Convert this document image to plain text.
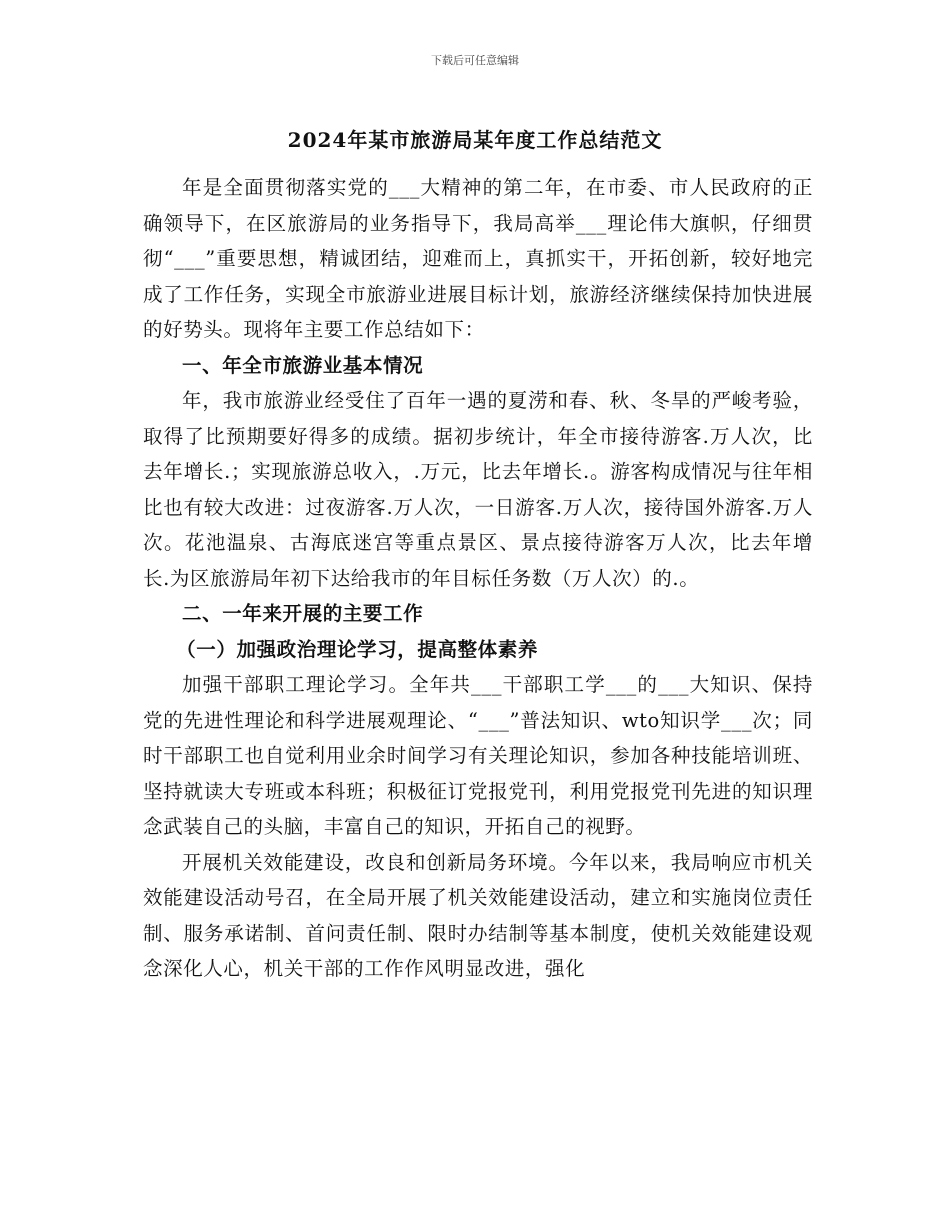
下载后可任意编辑
2024年某市旅游局某年度工作总结范文

年是全面贯彻落实党的___大精神的第二年，在市委、市人民政府的正确领导下，在区旅游局的业务指导下，我局高举___理论伟大旗帜，仔细贯彻“___”重要思想，精诚团结，迎难而上，真抓实干，开拓创新，较好地完成了工作任务，实现全市旅游业进展目标计划，旅游经济继续保持加快进展的好势头。现将年主要工作总结如下：

一、年全市旅游业基本情况

年，我市旅游业经受住了百年一遇的夏涝和春、秋、冬旱的严峻考验，取得了比预期要好得多的成绩。据初步统计，年全市接待游客.万人次，比去年增长.；实现旅游总收入，.万元，比去年增长.。游客构成情况与往年相比也有较大改进：过夜游客.万人次，一日游客.万人次，接待国外游客.万人次。花池温泉、古海底迷宫等重点景区、景点接待游客万人次，比去年增长.为区旅游局年初下达给我市的年目标任务数（万人次）的.。

二、一年来开展的主要工作

（一）加强政治理论学习，提高整体素养

加强干部职工理论学习。全年共___干部职工学___的___大知识、保持党的先进性理论和科学进展观理论、“___”普法知识、wto知识学___次；同时干部职工也自觉利用业余时间学习有关理论知识，参加各种技能培训班、坚持就读大专班或本科班；积极征订党报党刊，利用党报党刊先进的知识理念武装自己的头脑，丰富自己的知识，开拓自己的视野。

开展机关效能建设，改良和创新局务环境。今年以来，我局响应市机关效能建设活动号召，在全局开展了机关效能建设活动，建立和实施岗位责任制、服务承诺制、首问责任制、限时办结制等基本制度，使机关效能建设观念深化人心，机关干部的工作作风明显改进，强化
